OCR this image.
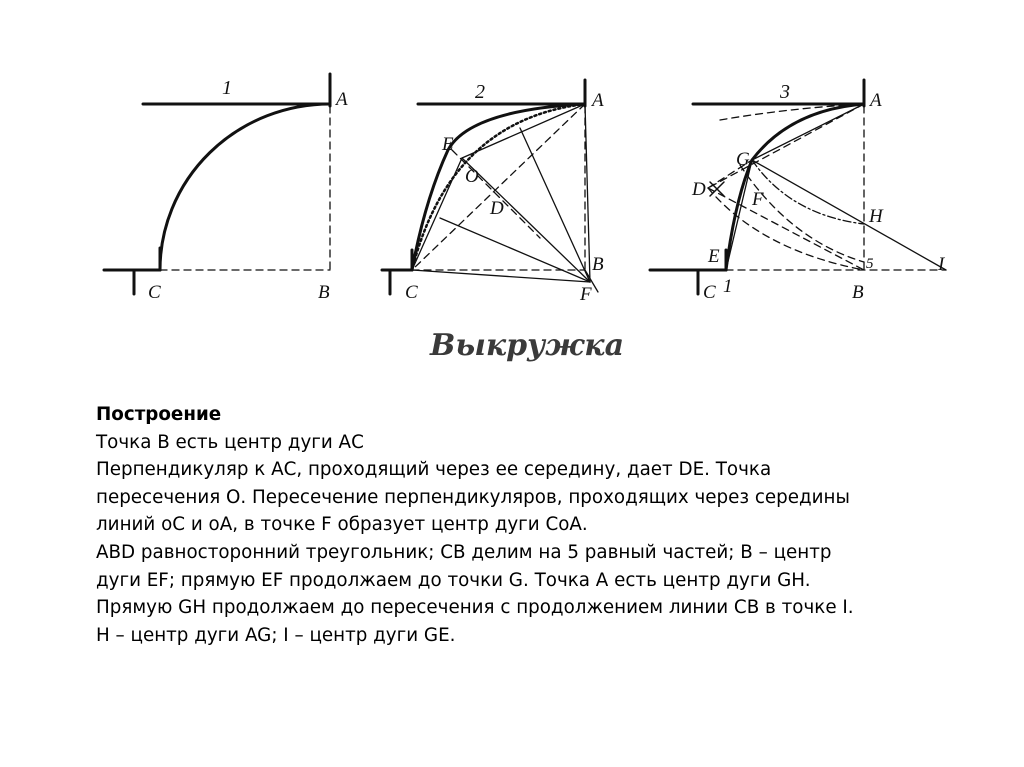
1
A
B
C
2	A
B
C
E
O
D
F
3	A
B
C
E
G
D F
H
I
1
5
Выкружка
Построение
Точка В есть центр дуги АС
Перпендикуляр к АС, проходящий через ее середину, дает DE. Точка
пересечения О. Пересечение перпендикуляров, проходящих через середины
линий оС и оА, в точке F образует центр дуги СоА.
ABD равносторонний треугольник; CB делим на 5 равный частей; B – центр
дуги EF; прямую EF продолжаем до точки G. Точка A есть центр дуги GH.
Прямую GH продолжаем до пересечения с продолжением линии CB в точке I.
H – центр дуги AG; I – центр дуги GE.
